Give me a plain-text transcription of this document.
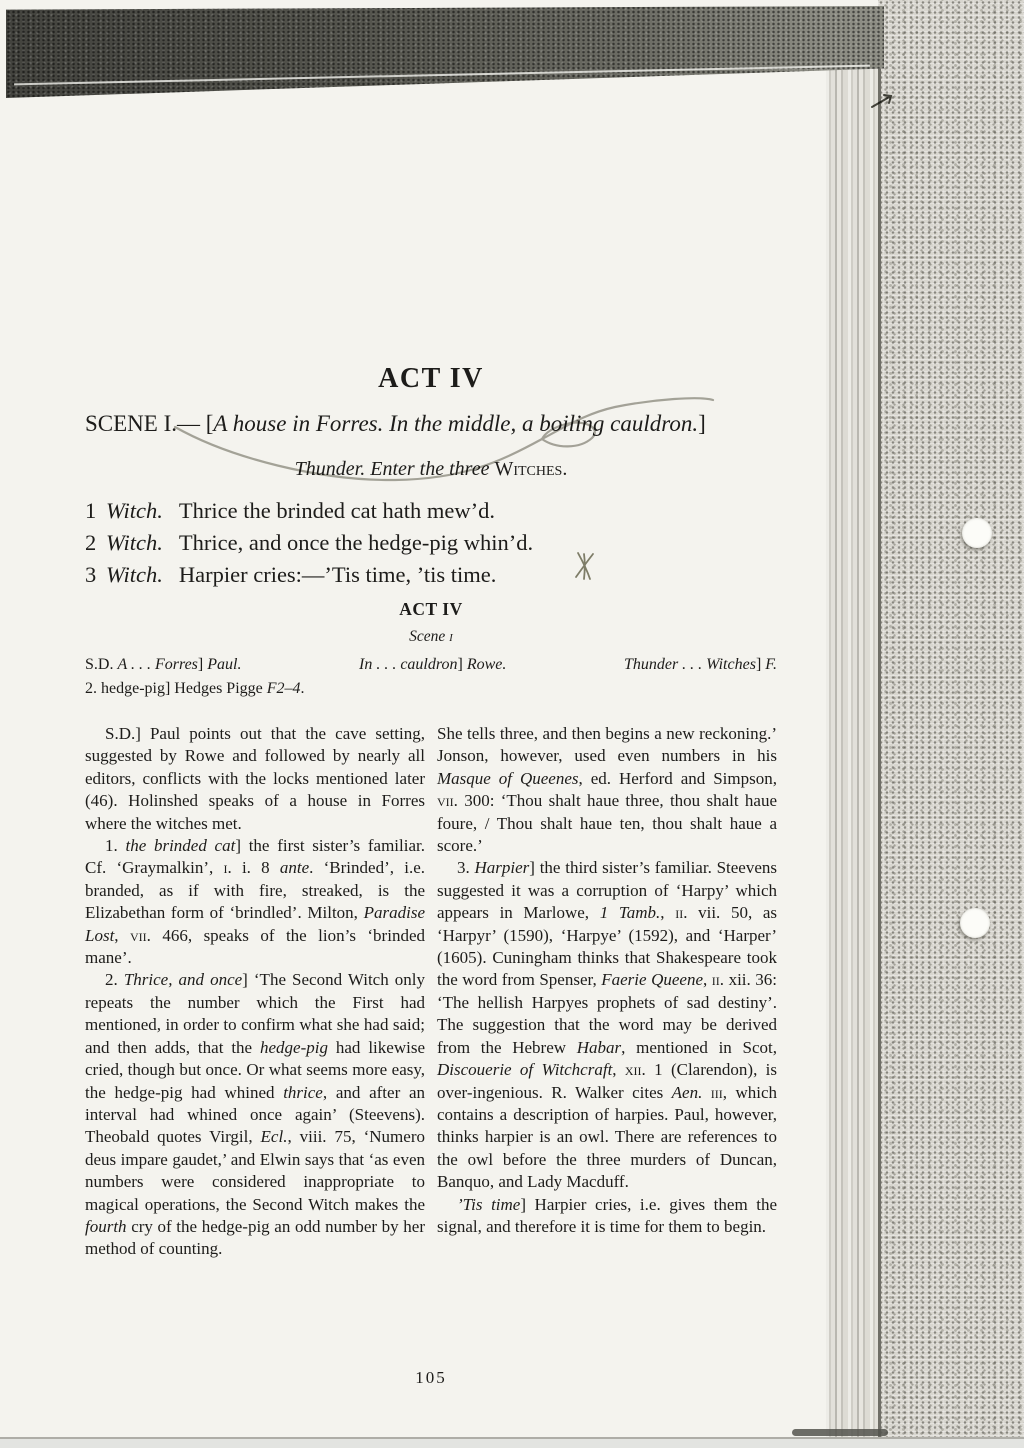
ACT IV
SCENE I.— [A house in Forres. In the middle, a boiling cauldron.]
Thunder. Enter the three Witches.
1 Witch. Thrice the brinded cat hath mew’d.
2 Witch. Thrice, and once the hedge-pig whin’d.
3 Witch. Harpier cries:—’Tis time, ’tis time.
ACT IV
Scene i
S.D. A . . . Forres] Paul.	In . . . cauldron] Rowe.	Thunder . . . Witches] F.
2. hedge-pig] Hedges Pigge F2–4.

S.D.] Paul points out that the cave setting, suggested by Rowe and followed by nearly all editors, conflicts with the locks mentioned later (46). Holinshed speaks of a house in Forres where the witches met.

1. the brinded cat] the first sister’s familiar. Cf. ‘Graymalkin’, i. i. 8 ante. ‘Brinded’, i.e. branded, as if with fire, streaked, is the Elizabethan form of ‘brindled’. Milton, Paradise Lost, vii. 466, speaks of the lion’s ‘brinded mane’.

2. Thrice, and once] ‘The Second Witch only repeats the number which the First had mentioned, in order to confirm what she had said; and then adds, that the hedge-pig had likewise cried, though but once. Or what seems more easy, the hedge-pig had whined thrice, and after an interval had whined once again’ (Steevens). Theobald quotes Virgil, Ecl., viii. 75, ‘Numero deus impare gaudet,’ and Elwin says that ‘as even numbers were considered inappropriate to magical operations, the Second Witch makes the fourth cry of the hedge-pig an odd number by her method of counting.

She tells three, and then begins a new reckoning.’ Jonson, however, used even numbers in his Masque of Queenes, ed. Herford and Simpson, vii. 300: ‘Thou shalt haue three, thou shalt haue foure, / Thou shalt haue ten, thou shalt haue a score.’

3. Harpier] the third sister’s familiar. Steevens suggested it was a corruption of ‘Harpy’ which appears in Marlowe, 1 Tamb., ii. vii. 50, as ‘Harpyr’ (1590), ‘Harpye’ (1592), and ‘Harper’ (1605). Cuningham thinks that Shakespeare took the word from Spenser, Faerie Queene, ii. xii. 36: ‘The hellish Harpyes prophets of sad destiny’. The suggestion that the word may be derived from the Hebrew Habar, mentioned in Scot, Discouerie of Witchcraft, xii. 1 (Clarendon), is over-ingenious. R. Walker cites Aen. iii, which contains a description of harpies. Paul, however, thinks harpier is an owl. There are references to the owl before the three murders of Duncan, Banquo, and Lady Macduff.

’Tis time] Harpier cries, i.e. gives them the signal, and therefore it is time for them to begin.

105
